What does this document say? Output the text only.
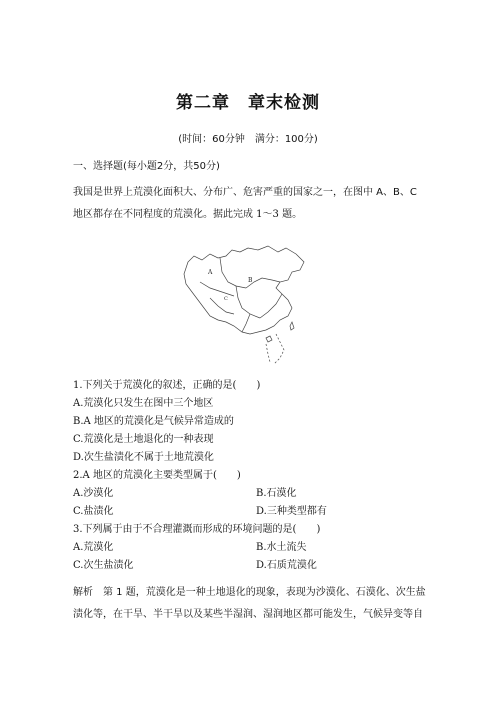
第二章 章末检测
(时间：60分钟　满分：100分)
一、选择题(每小题2分，共50分)
我国是世界上荒漠化面积大、分布广、危害严重的国家之一，在图中 A、B、C
地区都存在不同程度的荒漠化。据此完成 1～3 题。
A
B
C
1.下列关于荒漠化的叙述，正确的是(　　)
A.荒漠化只发生在图中三个地区
B.A 地区的荒漠化是气候异常造成的
C.荒漠化是土地退化的一种表现
D.次生盐渍化不属于土地荒漠化
2.A 地区的荒漠化主要类型属于(　　)
A.沙漠化	B.石漠化
C.盐渍化	D.三种类型都有
3.下列属于由于不合理灌溉而形成的环境问题的是(　　)
A.荒漠化	B.水土流失
C.次生盐渍化	D.石质荒漠化
解析　第 1 题，荒漠化是一种土地退化的现象，表现为沙漠化、石漠化、次生盐
渍化等，在干旱、半干旱以及某些半湿润、湿润地区都可能发生，气候异变等自
